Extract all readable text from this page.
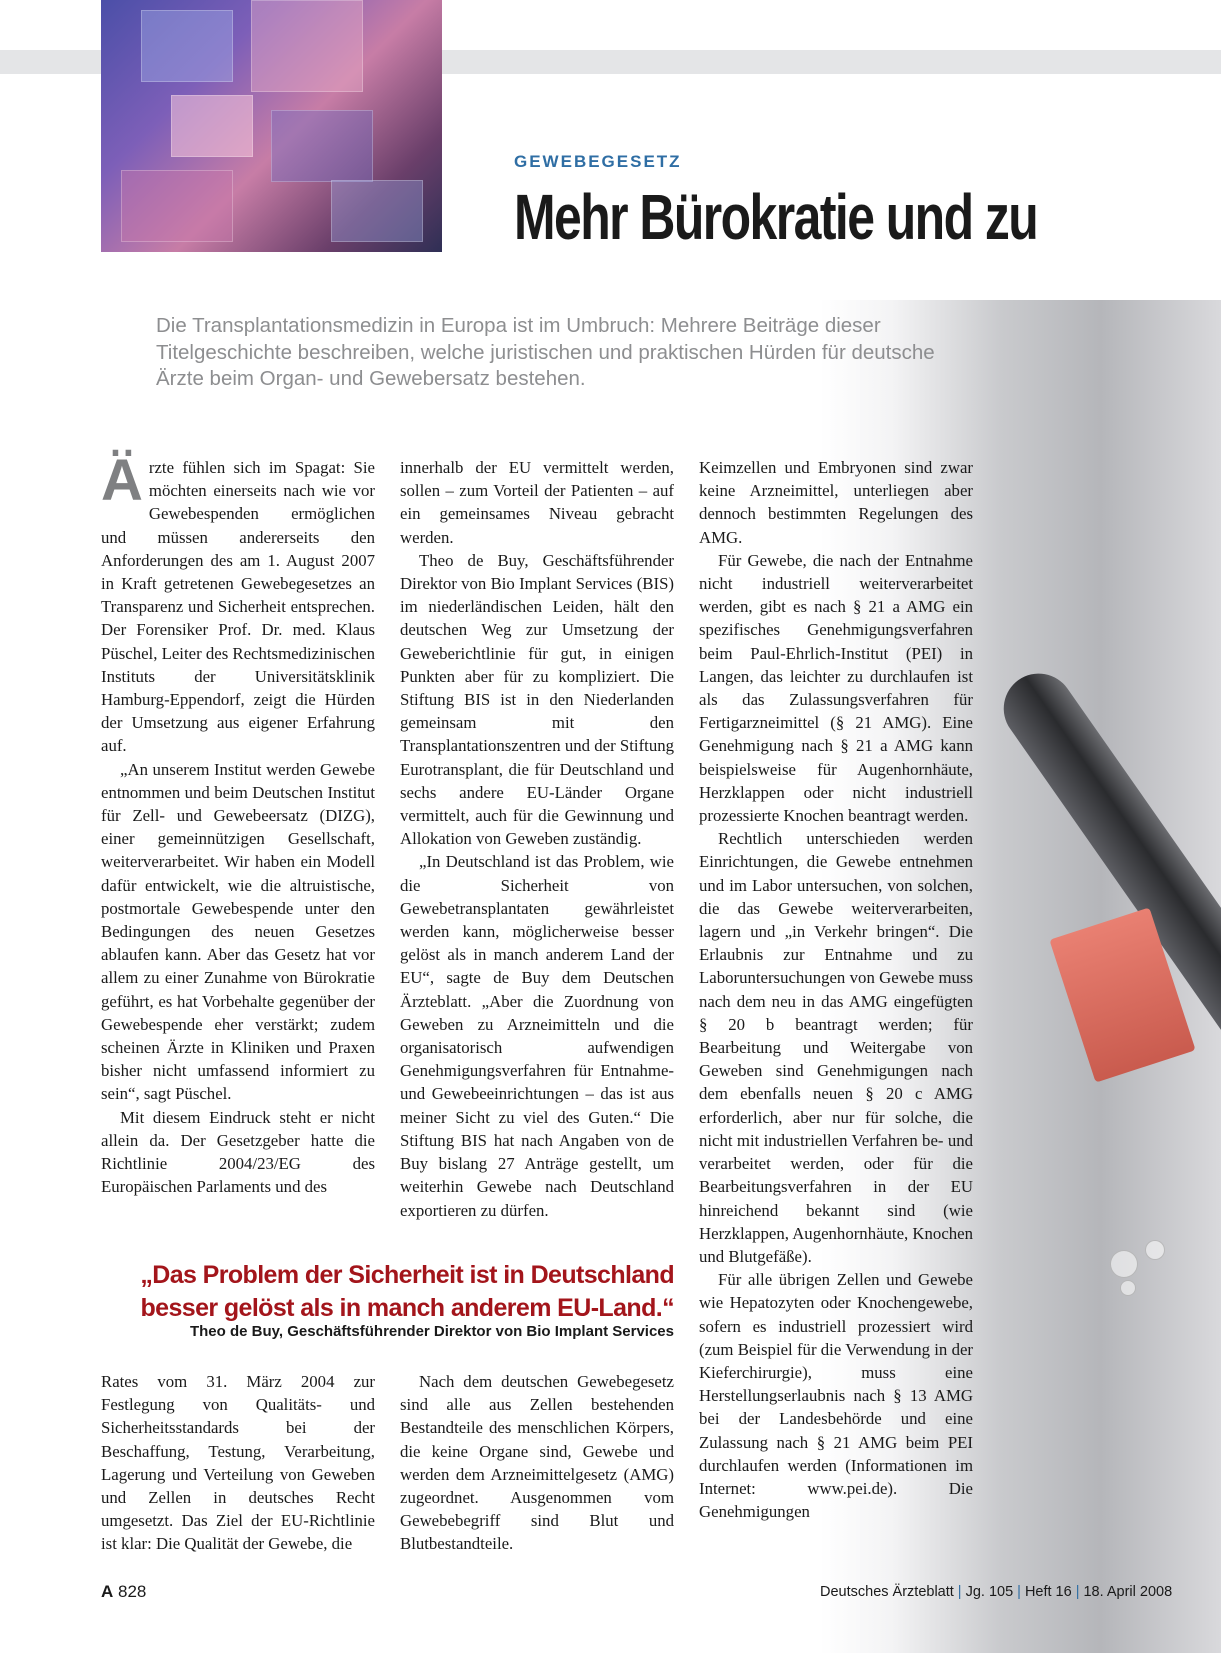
GEWEBEGESETZ
Mehr Bürokratie und zu
Die Transplantationsmedizin in Europa ist im Umbruch: Mehrere Beiträge dieser Titelgeschichte beschreiben, welche juristischen und praktischen Hürden für deutsche Ärzte beim Organ- und Gewebersatz bestehen.
Ä rzte fühlen sich im Spagat: Sie möchten einerseits nach wie vor Gewebespenden ermöglichen und müssen andererseits den Anforderungen des am 1. August 2007 in Kraft getretenen Gewebegesetzes an Transparenz und Sicherheit entsprechen. Der Forensiker Prof. Dr. med. Klaus Püschel, Leiter des Rechtsmedizinischen Instituts der Universitätsklinik Hamburg-Eppendorf, zeigt die Hürden der Umsetzung aus eigener Erfahrung auf.

„An unserem Institut werden Gewebe entnommen und beim Deutschen Institut für Zell- und Gewebeersatz (DIZG), einer gemeinnützigen Gesellschaft, weiterverarbeitet. Wir haben ein Modell dafür entwickelt, wie die altruistische, postmortale Gewebespende unter den Bedingungen des neuen Gesetzes ablaufen kann. Aber das Gesetz hat vor allem zu einer Zunahme von Bürokratie geführt, es hat Vorbehalte gegenüber der Gewebespende eher verstärkt; zudem scheinen Ärzte in Kliniken und Praxen bisher nicht umfassend informiert zu sein“, sagt Püschel.

Mit diesem Eindruck steht er nicht allein da. Der Gesetzgeber hatte die Richtlinie 2004/23/EG des Europäischen Parlaments und des

innerhalb der EU vermittelt werden, sollen – zum Vorteil der Patienten – auf ein gemeinsames Niveau gebracht werden.

Theo de Buy, Geschäftsführender Direktor von Bio Implant Services (BIS) im niederländischen Leiden, hält den deutschen Weg zur Umsetzung der Geweberichtlinie für gut, in einigen Punkten aber für zu kompliziert. Die Stiftung BIS ist in den Niederlanden gemeinsam mit den Transplantationszentren und der Stiftung Eurotransplant, die für Deutschland und sechs andere EU-Länder Organe vermittelt, auch für die Gewinnung und Allokation von Geweben zuständig.

„In Deutschland ist das Problem, wie die Sicherheit von Gewebetransplantaten gewährleistet werden kann, möglicherweise besser gelöst als in manch anderem Land der EU“, sagte de Buy dem Deutschen Ärzteblatt. „Aber die Zuordnung von Geweben zu Arzneimitteln und die organisatorisch aufwendigen Genehmigungsverfahren für Entnahme- und Gewebeeinrichtungen – das ist aus meiner Sicht zu viel des Guten.“ Die Stiftung BIS hat nach Angaben von de Buy bislang 27 Anträge gestellt, um weiterhin Gewebe nach Deutschland exportieren zu dürfen.

Keimzellen und Embryonen sind zwar keine Arzneimittel, unterliegen aber dennoch bestimmten Regelungen des AMG.

Für Gewebe, die nach der Entnahme nicht industriell weiterverarbeitet werden, gibt es nach § 21 a AMG ein spezifisches Genehmigungsverfahren beim Paul-Ehrlich-Institut (PEI) in Langen, das leichter zu durchlaufen ist als das Zulassungsverfahren für Fertigarzneimittel (§ 21 AMG). Eine Genehmigung nach § 21 a AMG kann beispielsweise für Augenhornhäute, Herzklappen oder nicht industriell prozessierte Knochen beantragt werden.

Rechtlich unterschieden werden Einrichtungen, die Gewebe entnehmen und im Labor untersuchen, von solchen, die das Gewebe weiterverarbeiten, lagern und „in Verkehr bringen“. Die Erlaubnis zur Entnahme und zu Laboruntersuchungen von Gewebe muss nach dem neu in das AMG eingefügten § 20 b beantragt werden; für Bearbeitung und Weitergabe von Geweben sind Genehmigungen nach dem ebenfalls neuen § 20 c AMG erforderlich, aber nur für solche, die nicht mit industriellen Verfahren be- und verarbeitet werden, oder für die Bearbeitungsverfahren in der EU hinreichend bekannt sind (wie Herzklappen, Augenhornhäute, Knochen und Blutgefäße).

Für alle übrigen Zellen und Gewebe wie Hepatozyten oder Knochengewebe, sofern es industriell prozessiert wird (zum Beispiel für die Verwendung in der Kieferchirurgie), muss eine Herstellungserlaubnis nach § 13 AMG bei der Landesbehörde und eine Zulassung nach § 21 AMG beim PEI durchlaufen werden (Informationen im Internet: www.pei.de). Die Genehmigungen

„Das Problem der Sicherheit ist in Deutschland
besser gelöst als in manch anderem EU-Land.“
Theo de Buy, Geschäftsführender Direktor von Bio Implant Services

Rates vom 31. März 2004 zur Festlegung von Qualitäts- und Sicherheitsstandards bei der Beschaffung, Testung, Verarbeitung, Lagerung und Verteilung von Geweben und Zellen in deutsches Recht umgesetzt. Das Ziel der EU-Richtlinie ist klar: Die Qualität der Gewebe, die

Nach dem deutschen Gewebegesetz sind alle aus Zellen bestehenden Bestandteile des menschlichen Körpers, die keine Organe sind, Gewebe und werden dem Arzneimittelgesetz (AMG) zugeordnet. Ausgenommen vom Gewebebegriff sind Blut und Blutbestandteile.

A 828	Deutsches Ärzteblatt | Jg. 105 | Heft 16 | 18. April 2008
